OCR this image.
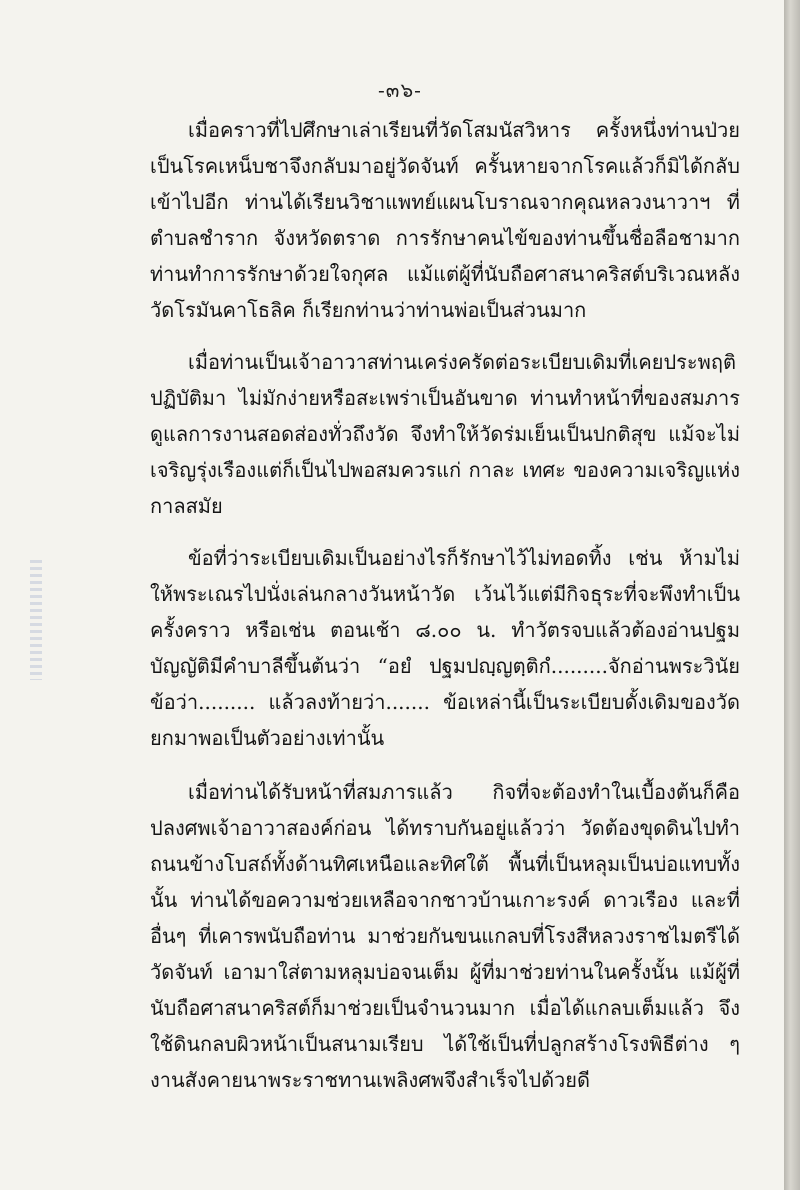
-๓๖-

เมื่อคราวที่ไปศึกษาเล่าเรียนที่วัดโสมนัสวิหาร ครั้งหนึ่งท่านป่วยเป็นโรคเหน็บชาจึงกลับมาอยู่วัดจันท์ ครั้นหายจากโรคแล้วก็มิได้กลับเข้าไปอีก ท่านได้เรียนวิชาแพทย์แผนโบราณจากคุณหลวงนาวาฯ ที่ตำบลชำราก จังหวัดตราด การรักษาคนไข้ของท่านขึ้นชื่อลือชามาก ท่านทำการรักษาด้วยใจกุศล แม้แต่ผู้ที่นับถือศาสนาคริสต์บริเวณหลังวัดโรมันคาโธลิค ก็เรียกท่านว่าท่านพ่อเป็นส่วนมาก

เมื่อท่านเป็นเจ้าอาวาสท่านเคร่งครัดต่อระเบียบเดิมที่เคยประพฤติปฏิบัติมา ไม่มักง่ายหรือสะเพร่าเป็นอันขาด ท่านทำหน้าที่ของสมภารดูแลการงานสอดส่องทั่วถึงวัด จึงทำให้วัดร่มเย็นเป็นปกติสุข แม้จะไม่เจริญรุ่งเรืองแต่ก็เป็นไปพอสมควรแก่ กาละ เทศะ ของความเจริญแห่งกาลสมัย

ข้อที่ว่าระเบียบเดิมเป็นอย่างไรก็รักษาไว้ไม่ทอดทิ้ง เช่น ห้ามไม่ให้พระเณรไปนั่งเล่นกลางวันหน้าวัด เว้นไว้แต่มีกิจธุระที่จะพึงทำเป็นครั้งคราว หรือเช่น ตอนเช้า ๘.๐๐ น. ทำวัตรจบแล้วต้องอ่านปฐมบัญญัติมีคำบาลีขึ้นต้นว่า “อยํ ปฐมปญฺญตฺติกํ.........จักอ่านพระวินัยข้อว่า......... แล้วลงท้ายว่า....... ข้อเหล่านี้เป็นระเบียบดั้งเดิมของวัดยกมาพอเป็นตัวอย่างเท่านั้น

เมื่อท่านได้รับหน้าที่สมภารแล้ว กิจที่จะต้องทำในเบื้องต้นก็คือ ปลงศพเจ้าอาวาสองค์ก่อน ได้ทราบกันอยู่แล้วว่า วัดต้องขุดดินไปทำถนนข้างโบสถ์ทั้งด้านทิศเหนือและทิศใต้ พื้นที่เป็นหลุมเป็นบ่อแทบทั้งนั้น ท่านได้ขอความช่วยเหลือจากชาวบ้านเกาะรงค์ ดาวเรือง และที่อื่นๆ ที่เคารพนับถือท่าน มาช่วยกันขนแกลบที่โรงสีหลวงราชไมตรีได้วัดจันท์ เอามาใส่ตามหลุมบ่อจนเต็ม ผู้ที่มาช่วยท่านในครั้งนั้น แม้ผู้ที่นับถือศาสนาคริสต์ก็มาช่วยเป็นจำนวนมาก เมื่อได้แกลบเต็มแล้ว จึงใช้ดินกลบผิวหน้าเป็นสนามเรียบ ได้ใช้เป็นที่ปลูกสร้างโรงพิธีต่าง ๆ งานสังคายนาพระราชทานเพลิงศพจึงสำเร็จไปด้วยดี
